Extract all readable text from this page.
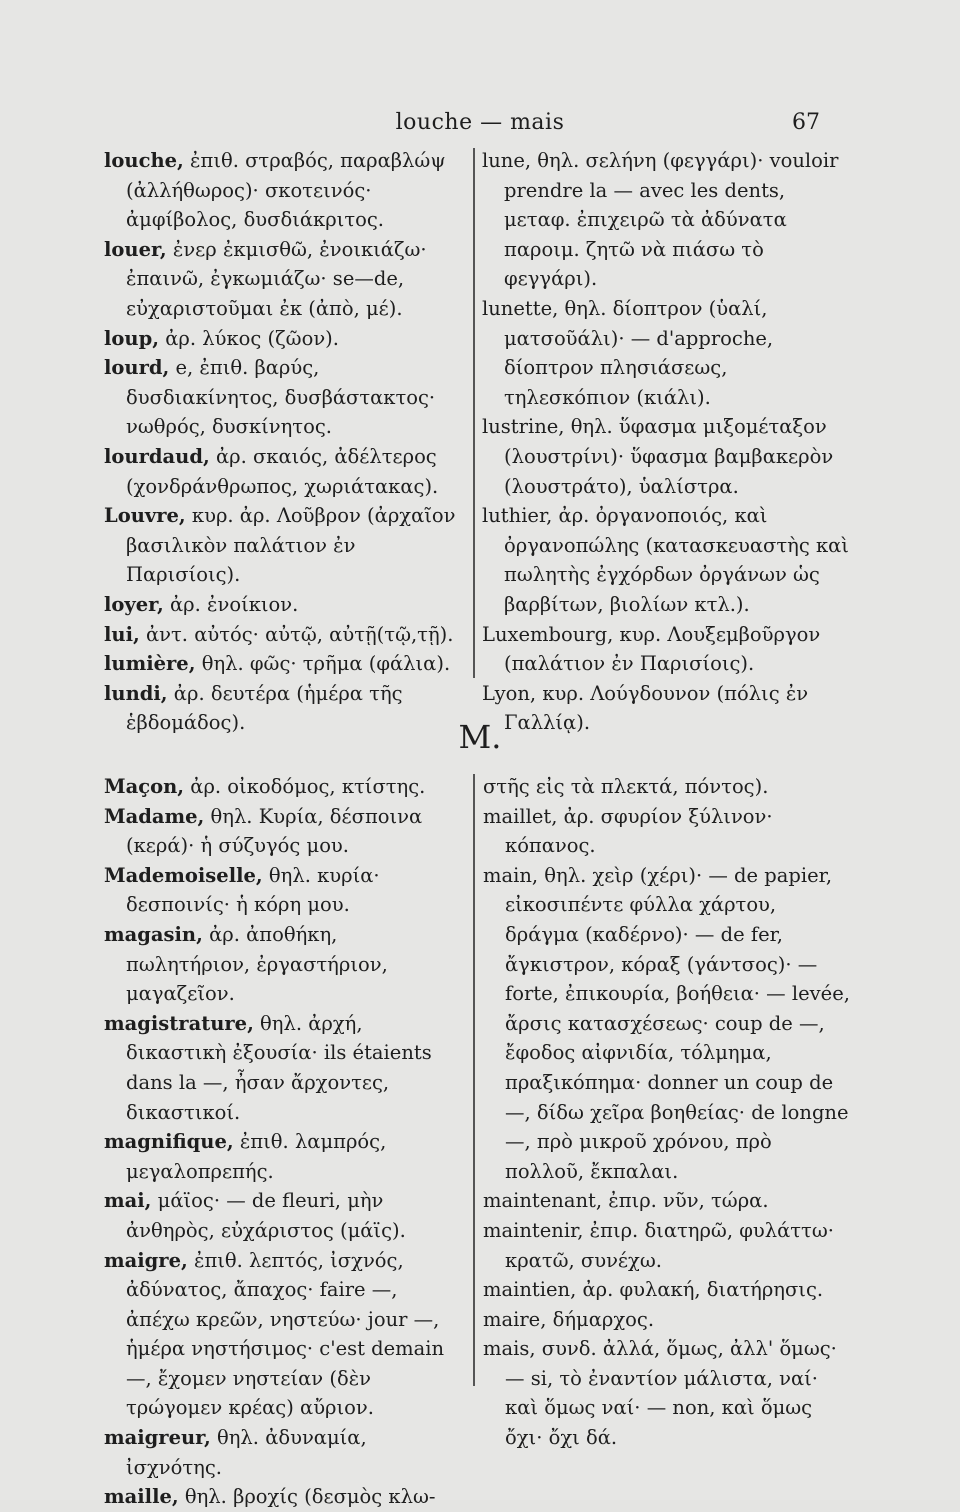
louche — mais	67

louche, ἐπιθ. στραβός, παραβλώψ (ἀλλήθωρος)· σκοτεινός· ἀμφίβολος, δυσδιάκριτος.

louer, ἐνερ ἐκμισθῶ, ἐνοικιάζω· ἐπαινῶ, ἐγκωμιάζω· se—de, εὐχαριστοῦμαι ἐκ (ἀπὸ, μέ).

loup, ἀρ. λύκος (ζῶον).

lourd, e, ἐπιθ. βαρύς, δυσδιακίνητος, δυσβάστακτος· νωθρός, δυσκίνητος.

lourdaud, ἀρ. σκαιός, ἀδέλτερος (χονδράνθρωπος, χωριάτακας).

Louvre, κυρ. ἀρ. Λοῦβρον (ἀρχαῖον βασιλικὸν παλάτιον ἐν Παρισίοις).

loyer, ἀρ. ἐνοίκιον.

lui, ἀντ. αὐτός· αὐτῷ, αὐτῇ(τῷ,τῇ).

lumière, θηλ. φῶς· τρῆμα (φάλια).

lundi, ἀρ. δευτέρα (ἡμέρα τῆς ἑβδομάδος).

lune, θηλ. σελήνη (φεγγάρι)· vouloir prendre la — avec les dents, μεταφ. ἐπιχειρῶ τὰ ἀδύνατα παροιμ. ζητῶ νὰ πιάσω τὸ φεγγάρι).

lunette, θηλ. δίοπτρον (ὑαλί, ματσοῦάλι)· — d'approche, δίοπτρον πλησιάσεως, τηλεσκόπιον (κιάλι).

lustrine, θηλ. ὕφασμα μιξομέταξον (λουστρίνι)· ὕφασμα βαμβακερὸν (λουστράτο), ὑαλίστρα.

luthier, ἀρ. ὀργανοποιός, καὶ ὀργανοπώλης (κατασκευαστὴς καὶ πωλητὴς ἐγχόρδων ὀργάνων ὡς βαρβίτων, βιολίων κτλ.).

Luxembourg, κυρ. Λουξεμβοῦργον (παλάτιον ἐν Παρισίοις).

Lyon, κυρ. Λούγδουνον (πόλις ἐν Γαλλίᾳ).

M.

Maçon, ἀρ. οἰκοδόμος, κτίστης.

Madame, θηλ. Κυρία, δέσποινα (κερά)· ἡ σύζυγός μου.

Mademoiselle, θηλ. κυρία· δεσποινίς· ἡ κόρη μου.

magasin, ἀρ. ἀποθήκη, πωλητήριον, ἐργαστήριον, μαγαζεῖον.

magistrature, θηλ. ἀρχή, δικαστικὴ ἐξουσία· ils étaients dans la —, ἦσαν ἄρχοντες, δικαστικοί.

magnifique, ἐπιθ. λαμπρός, μεγαλοπρεπής.

mai, μάϊος· — de fleuri, μὴν ἀνθηρὸς, εὐχάριστος (μάϊς).

maigre, ἐπιθ. λεπτός, ἰσχνός, ἀδύνατος, ἄπαχος· faire —, ἀπέχω κρεῶν, νηστεύω· jour —, ἡμέρα νηστήσιμος· c'est demain —, ἔχομεν νηστείαν (δὲν τρώγομεν κρέας) αὔριον.

maigreur, θηλ. ἀδυναμία, ἰσχνότης.

maille, θηλ. βροχίς (δεσμὸς κλω-

στῆς εἰς τὰ πλεκτά, πόντος).

maillet, ἀρ. σφυρίον ξύλινον· κόπανος.

main, θηλ. χεὶρ (χέρι)· — de papier, εἰκοσιπέντε φύλλα χάρτου, δράγμα (καδέρνο)· — de fer, ἄγκιστρον, κόραξ (γάντσος)· — forte, ἐπικουρία, βοήθεια· — levée, ἄρσις κατασχέσεως· coup de —, ἔφοδος αἰφνιδία, τόλμημα, πραξικόπημα· donner un coup de —, δίδω χεῖρα βοηθείας· de longne —, πρὸ μικροῦ χρόνου, πρὸ πολλοῦ, ἔκπαλαι.

maintenant, ἐπιρ. νῦν, τώρα.

maintenir, ἐπιρ. διατηρῶ, φυλάττω· κρατῶ, συνέχω.

maintien, ἀρ. φυλακή, διατήρησις.

maire, δήμαρχος.

mais, συνδ. ἀλλά, ὅμως, ἀλλ' ὅμως· — si, τὸ ἐναντίον μάλιστα, ναί· καὶ ὅμως ναί· — non, καὶ ὅμως ὄχι· ὄχι δά.
